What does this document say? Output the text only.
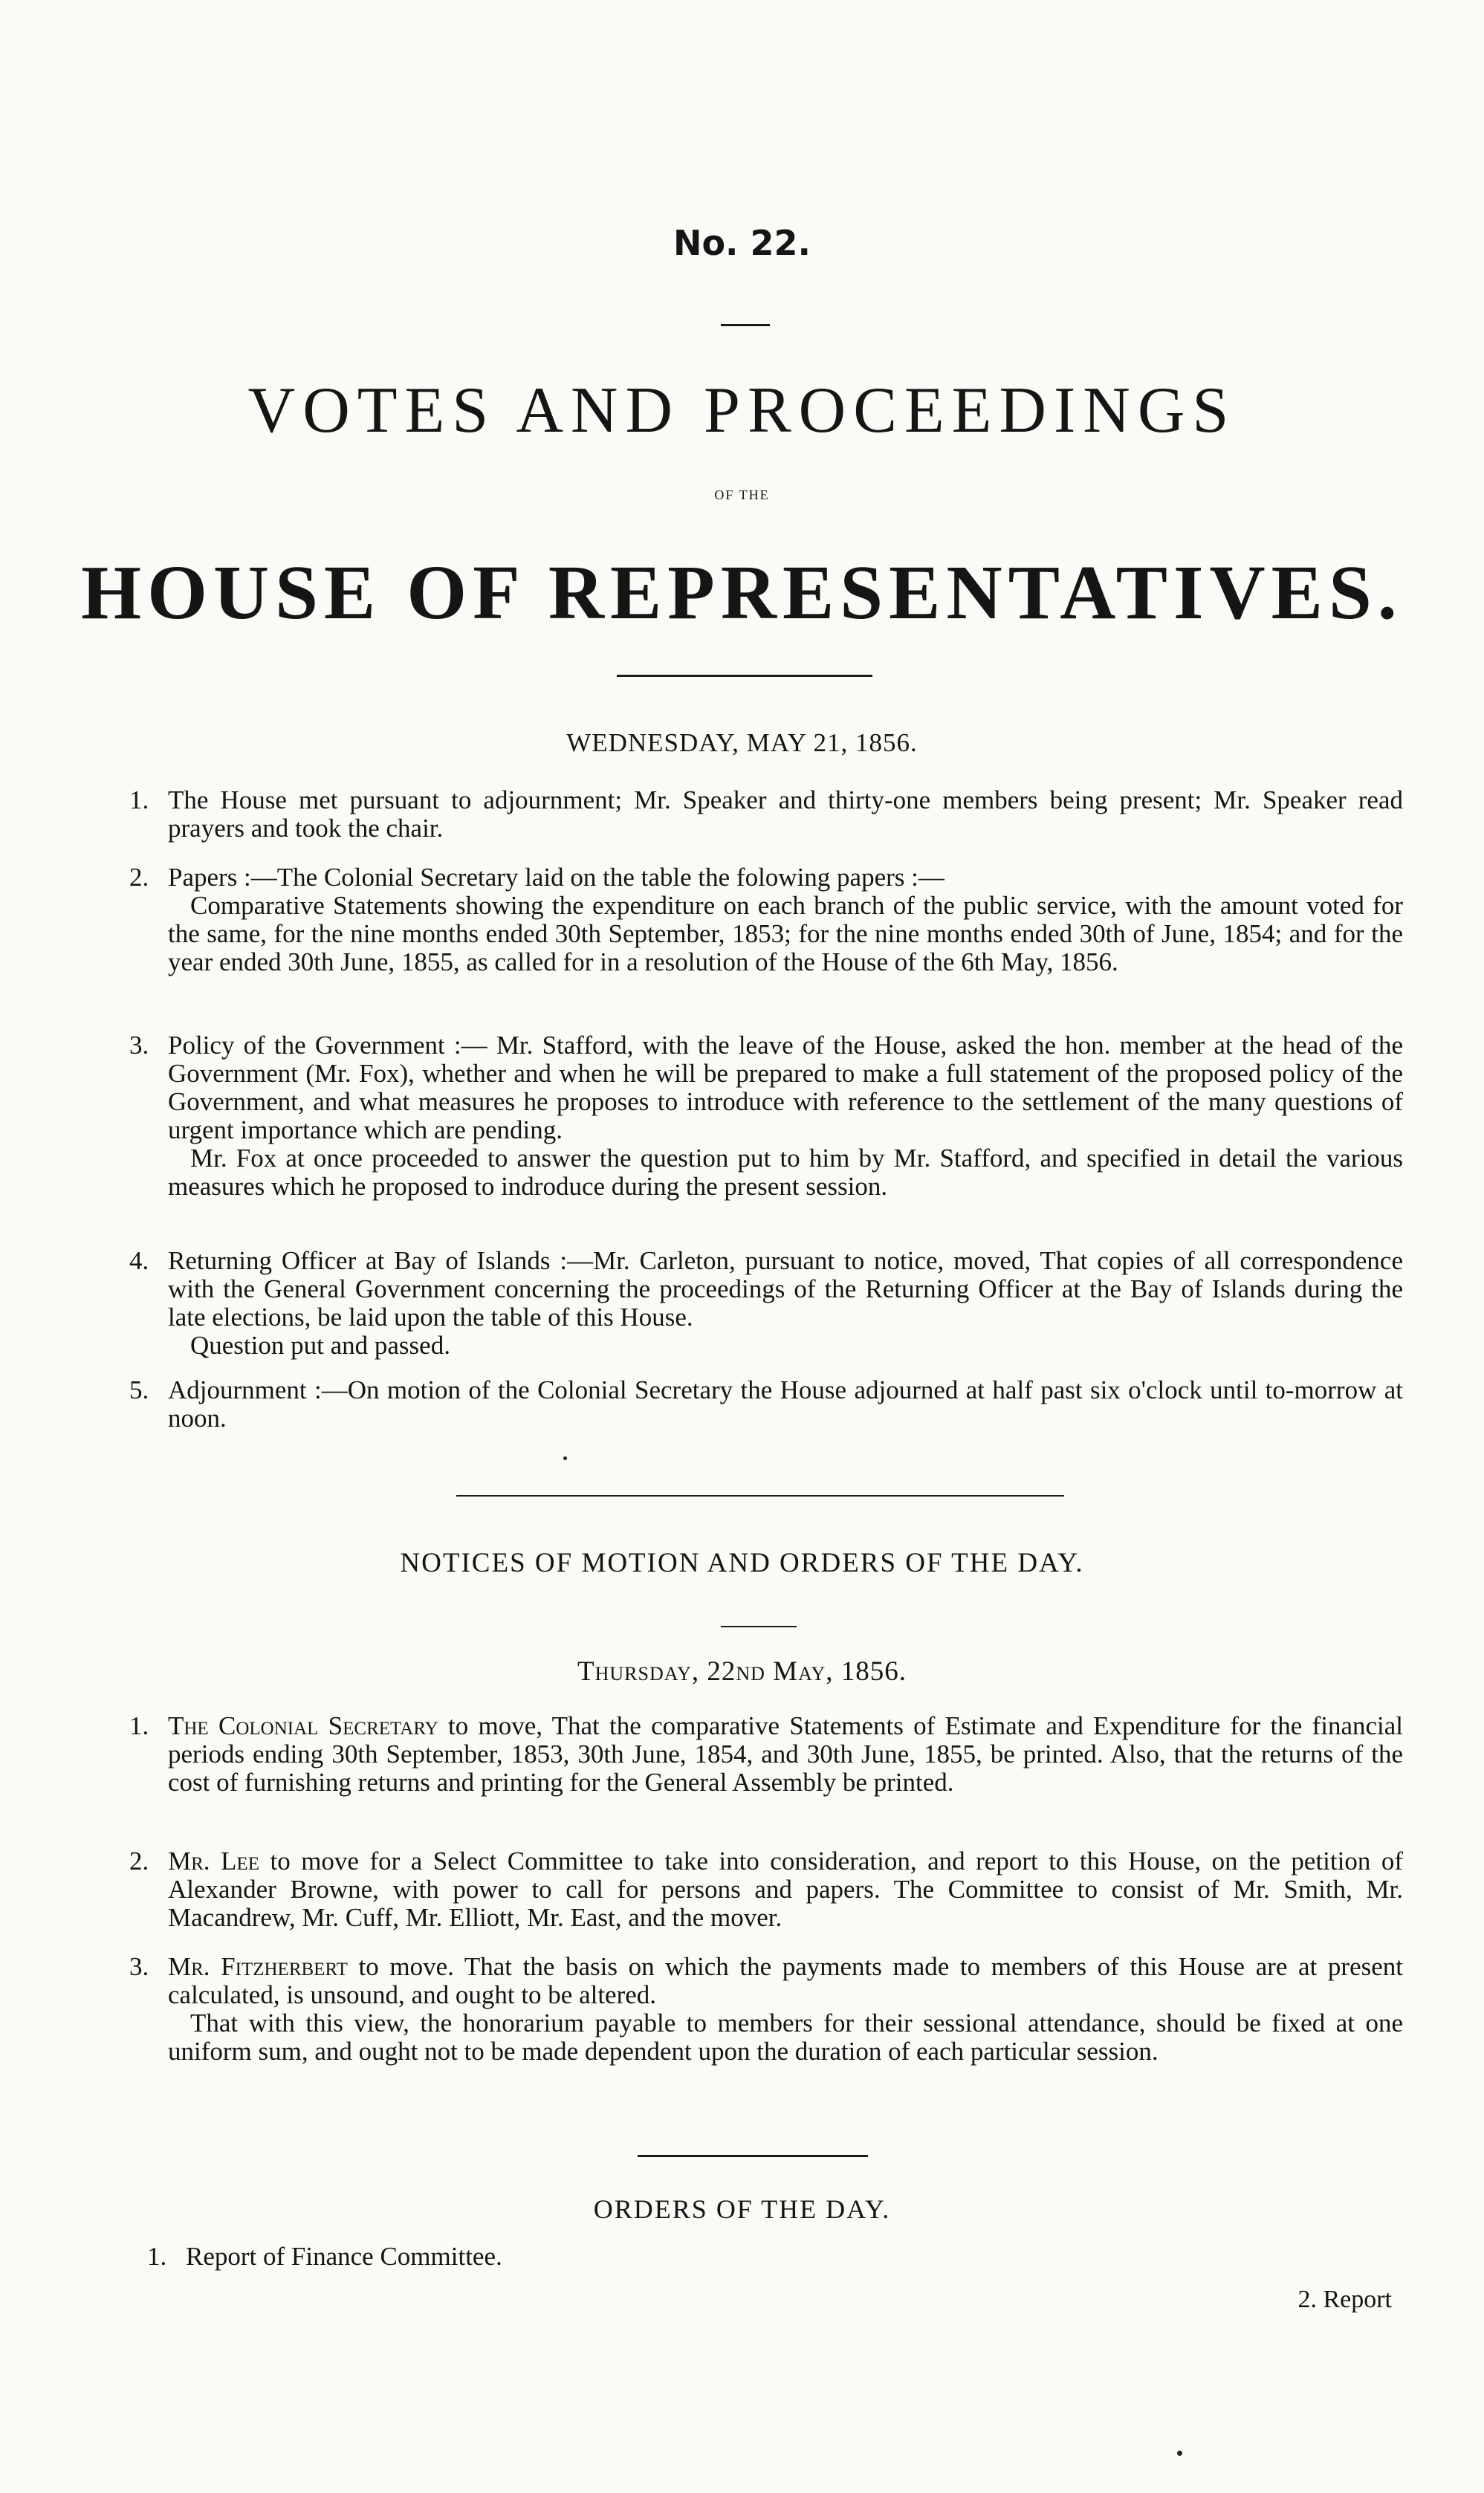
No. 22.
VOTES AND PROCEEDINGS
OF THE
HOUSE OF REPRESENTATIVES.
WEDNESDAY, MAY 21, 1856.
1. The House met pursuant to adjournment; Mr. Speaker and thirty-one members being present; Mr. Speaker read prayers and took the chair.

2. Papers :—The Colonial Secretary laid on the table the folowing papers :—

Comparative Statements showing the expenditure on each branch of the public service, with the amount voted for the same, for the nine months ended 30th September, 1853; for the nine months ended 30th of June, 1854; and for the year ended 30th June, 1855, as called for in a resolution of the House of the 6th May, 1856.

3. Policy of the Government :— Mr. Stafford, with the leave of the House, asked the hon. member at the head of the Government (Mr. Fox), whether and when he will be prepared to make a full statement of the proposed policy of the Government, and what measures he proposes to introduce with reference to the settlement of the many questions of urgent importance which are pending.

Mr. Fox at once proceeded to answer the question put to him by Mr. Stafford, and specified in detail the various measures which he proposed to indroduce during the present session.

4. Returning Officer at Bay of Islands :—Mr. Carleton, pursuant to notice, moved, That copies of all correspondence with the General Government concerning the proceedings of the Returning Officer at the Bay of Islands during the late elections, be laid upon the table of this House.

Question put and passed.

5. Adjournment :—On motion of the Colonial Secretary the House adjourned at half past six o'clock until to-morrow at noon.

NOTICES OF MOTION AND ORDERS OF THE DAY.
Thursday, 22nd May, 1856.
1. The Colonial Secretary to move, That the comparative Statements of Estimate and Expenditure for the financial periods ending 30th September, 1853, 30th June, 1854, and 30th June, 1855, be printed. Also, that the returns of the cost of furnishing returns and printing for the General Assembly be printed.

2. Mr. Lee to move for a Select Committee to take into consideration, and report to this House, on the petition of Alexander Browne, with power to call for persons and papers. The Committee to consist of Mr. Smith, Mr. Macandrew, Mr. Cuff, Mr. Elliott, Mr. East, and the mover.

3. Mr. Fitzherbert to move. That the basis on which the payments made to members of this House are at present calculated, is unsound, and ought to be altered.

That with this view, the honorarium payable to members for their sessional attendance, should be fixed at one uniform sum, and ought not to be made dependent upon the duration of each particular session.

ORDERS OF THE DAY.
1. Report of Finance Committee.

2. Report
